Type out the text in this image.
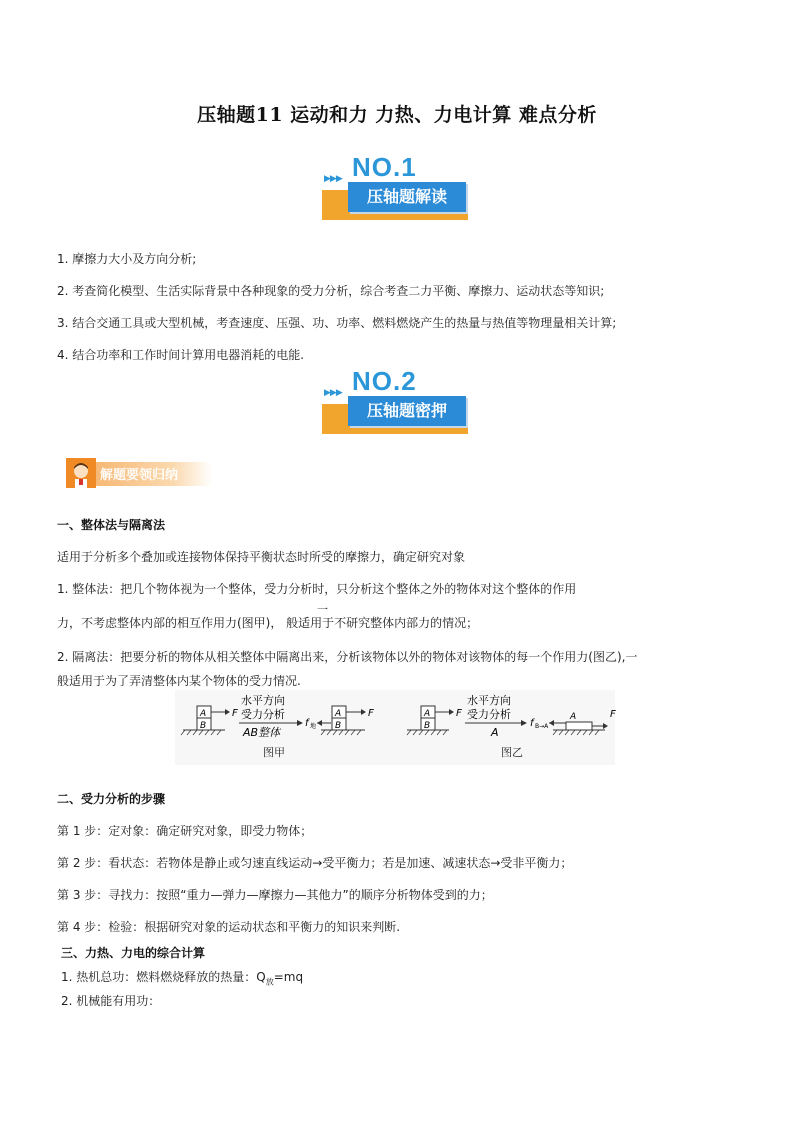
压轴题11 运动和力 力热、力电计算 难点分析
NO.1
▶▶▶
压轴题解读
1. 摩擦力大小及方向分析;
2. 考查简化模型、生活实际背景中各种现象的受力分析，综合考查二力平衡、摩擦力、运动状态等知识;
3. 结合交通工具或大型机械，考查速度、压强、功、功率、燃料燃烧产生的热量与热值等物理量相关计算;
4. 结合功率和工作时间计算用电器消耗的电能.
NO.2
▶▶▶
压轴题密押
解题要领归纳
一、整体法与隔离法
适用于分析多个叠加或连接物体保持平衡状态时所受的摩擦力，确定研究对象
1. 整体法：把几个物体视为一个整体，受力分析时，只分析这个整体之外的物体对这个整体的作用
一
力，不考虑整体内部的相互作用力(图甲)， 般适用于不研究整体内部力的情况；
2. 隔离法：把要分析的物体从相关整体中隔离出来，分析该物体以外的物体对该物体的每一个作用力(图乙),一
般适用于为了弄清整体内某个物体的受力情况.
A
B
F
水平方向
受力分析
AB整体
f 地
A
B
F
图甲
A
B
F
水平方向
受力分析
A
f B→A
A	F
图乙
二、受力分析的步骤
第 1 步：定对象：确定研究对象，即受力物体；
第 2 步：看状态：若物体是静止或匀速直线运动→受平衡力；若是加速、减速状态→受非平衡力；
第 3 步：寻找力：按照“重力—弹力—摩擦力—其他力”的顺序分析物体受到的力；
第 4 步：检验：根据研究对象的运动状态和平衡力的知识来判断.
三、力热、力电的综合计算
1. 热机总功：燃料燃烧释放的热量：$Q_放=mq$
2. 机械能有用功：
